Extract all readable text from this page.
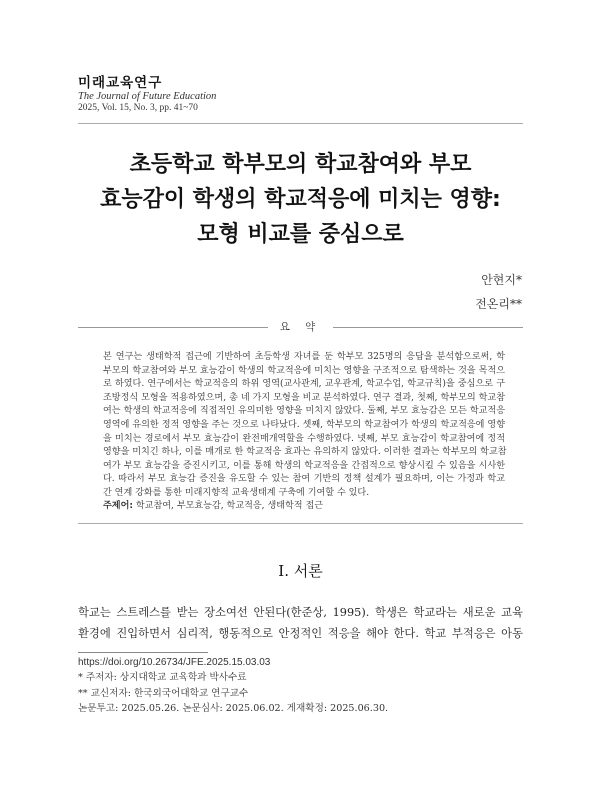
미래교육연구
The Journal of Future Education
2025, Vol. 15, No. 3, pp. 41~70
초등학교 학부모의 학교참여와 부모
효능감이 학생의 학교적응에 미치는 영향:
모형 비교를 중심으로
안현지*
전온리**
요 약
본 연구는 생태학적 접근에 기반하여 초등학생 자녀를 둔 학부모 325명의 응답을 분석함으로써, 학
부모의 학교참여와 부모 효능감이 학생의 학교적응에 미치는 영향을 구조적으로 탐색하는 것을 목적으
로 하였다. 연구에서는 학교적응의 하위 영역(교사관계, 교우관계, 학교수업, 학교규칙)을 중심으로 구
조방정식 모형을 적용하였으며, 총 네 가지 모형을 비교 분석하였다. 연구 결과, 첫째, 학부모의 학교참
여는 학생의 학교적응에 직접적인 유의미한 영향을 미치지 않았다. 둘째, 부모 효능감은 모든 학교적응
영역에 유의한 정적 영향을 주는 것으로 나타났다. 셋째, 학부모의 학교참여가 학생의 학교적응에 영향
을 미치는 경로에서 부모 효능감이 완전매개역할을 수행하였다. 넷째, 부모 효능감이 학교참여에 정적
영향을 미치긴 하나, 이를 매개로 한 학교적응 효과는 유의하지 않았다. 이러한 결과는 학부모의 학교참
여가 부모 효능감을 증진시키고, 이를 통해 학생의 학교적응을 간접적으로 향상시킬 수 있음을 시사한
다. 따라서 부모 효능감 증진을 유도할 수 있는 참여 기반의 정책 설계가 필요하며, 이는 가정과 학교
간 연계 강화를 통한 미래지향적 교육생태계 구축에 기여할 수 있다.
주제어: 학교참여, 부모효능감, 학교적응, 생태학적 접근
Ⅰ. 서론
학교는 스트레스를 받는 장소여선 안된다(한준상, 1995). 학생은 학교라는 새로운 교육
환경에 진입하면서 심리적, 행동적으로 안정적인 적응을 해야 한다. 학교 부적응은 아동
https://doi.org/10.26734/JFE.2025.15.03.03
* 주저자: 상지대학교 교육학과 박사수료
** 교신저자: 한국외국어대학교 연구교수
논문투고: 2025.05.26. 논문심사: 2025.06.02. 게재확정: 2025.06.30.
